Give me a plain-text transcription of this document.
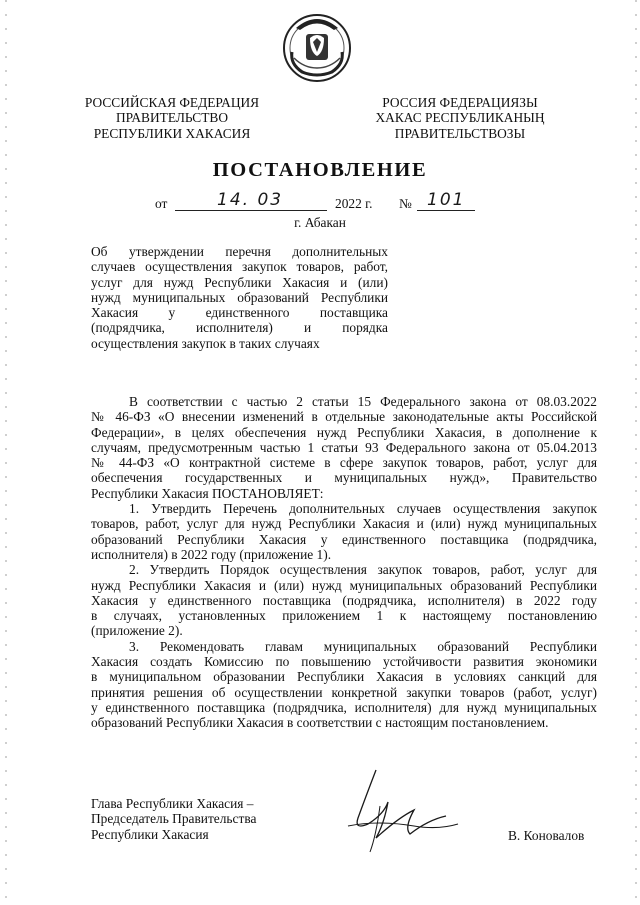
РОССИЙСКАЯ ФЕДЕРАЦИЯ
ПРАВИТЕЛЬСТВО
РЕСПУБЛИКИ ХАКАСИЯ
РОССИЯ ФЕДЕРАЦИЯЗЫ
ХАКАС РЕСПУБЛИКАНЫҢ
ПРАВИТЕЛЬСТВОЗЫ
ПОСТАНОВЛЕНИЕ
от	14. 03	2022 г. № 101
г. Абакан
Об утверждении перечня дополнительных
случаев осуществления закупок товаров, работ,
услуг для нужд Республики Хакасия и (или)
нужд муниципальных образований Республики
Хакасия у единственного поставщика
(подрядчика, исполнителя) и порядка
осуществления закупок в таких случаях
В соответствии с частью 2 статьи 15 Федерального закона от 08.03.2022
№ 46-ФЗ «О внесении изменений в отдельные законодательные акты Российской
Федерации», в целях обеспечения нужд Республики Хакасия, в дополнение к
случаям, предусмотренным частью 1 статьи 93 Федерального закона от 05.04.2013
№ 44-ФЗ «О контрактной системе в сфере закупок товаров, работ, услуг для
обеспечения государственных и муниципальных нужд», Правительство
Республики Хакасия ПОСТАНОВЛЯЕТ:
1. Утвердить Перечень дополнительных случаев осуществления закупок
товаров, работ, услуг для нужд Республики Хакасия и (или) нужд муниципальных
образований Республики Хакасия у единственного поставщика (подрядчика,
исполнителя) в 2022 году (приложение 1).
2. Утвердить Порядок осуществления закупок товаров, работ, услуг для
нужд Республики Хакасия и (или) нужд муниципальных образований Республики
Хакасия у единственного поставщика (подрядчика, исполнителя) в 2022 году
в случаях, установленных приложением 1 к настоящему постановлению
(приложение 2).
3. Рекомендовать главам муниципальных образований Республики
Хакасия создать Комиссию по повышению устойчивости развития экономики
в муниципальном образовании Республики Хакасия в условиях санкций для
принятия решения об осуществлении конкретной закупки товаров (работ, услуг)
у единственного поставщика (подрядчика, исполнителя) для нужд муниципальных
образований Республики Хакасия в соответствии с настоящим постановлением.
Глава Республики Хакасия –
Председатель Правительства
Республики Хакасия	В. Коновалов
